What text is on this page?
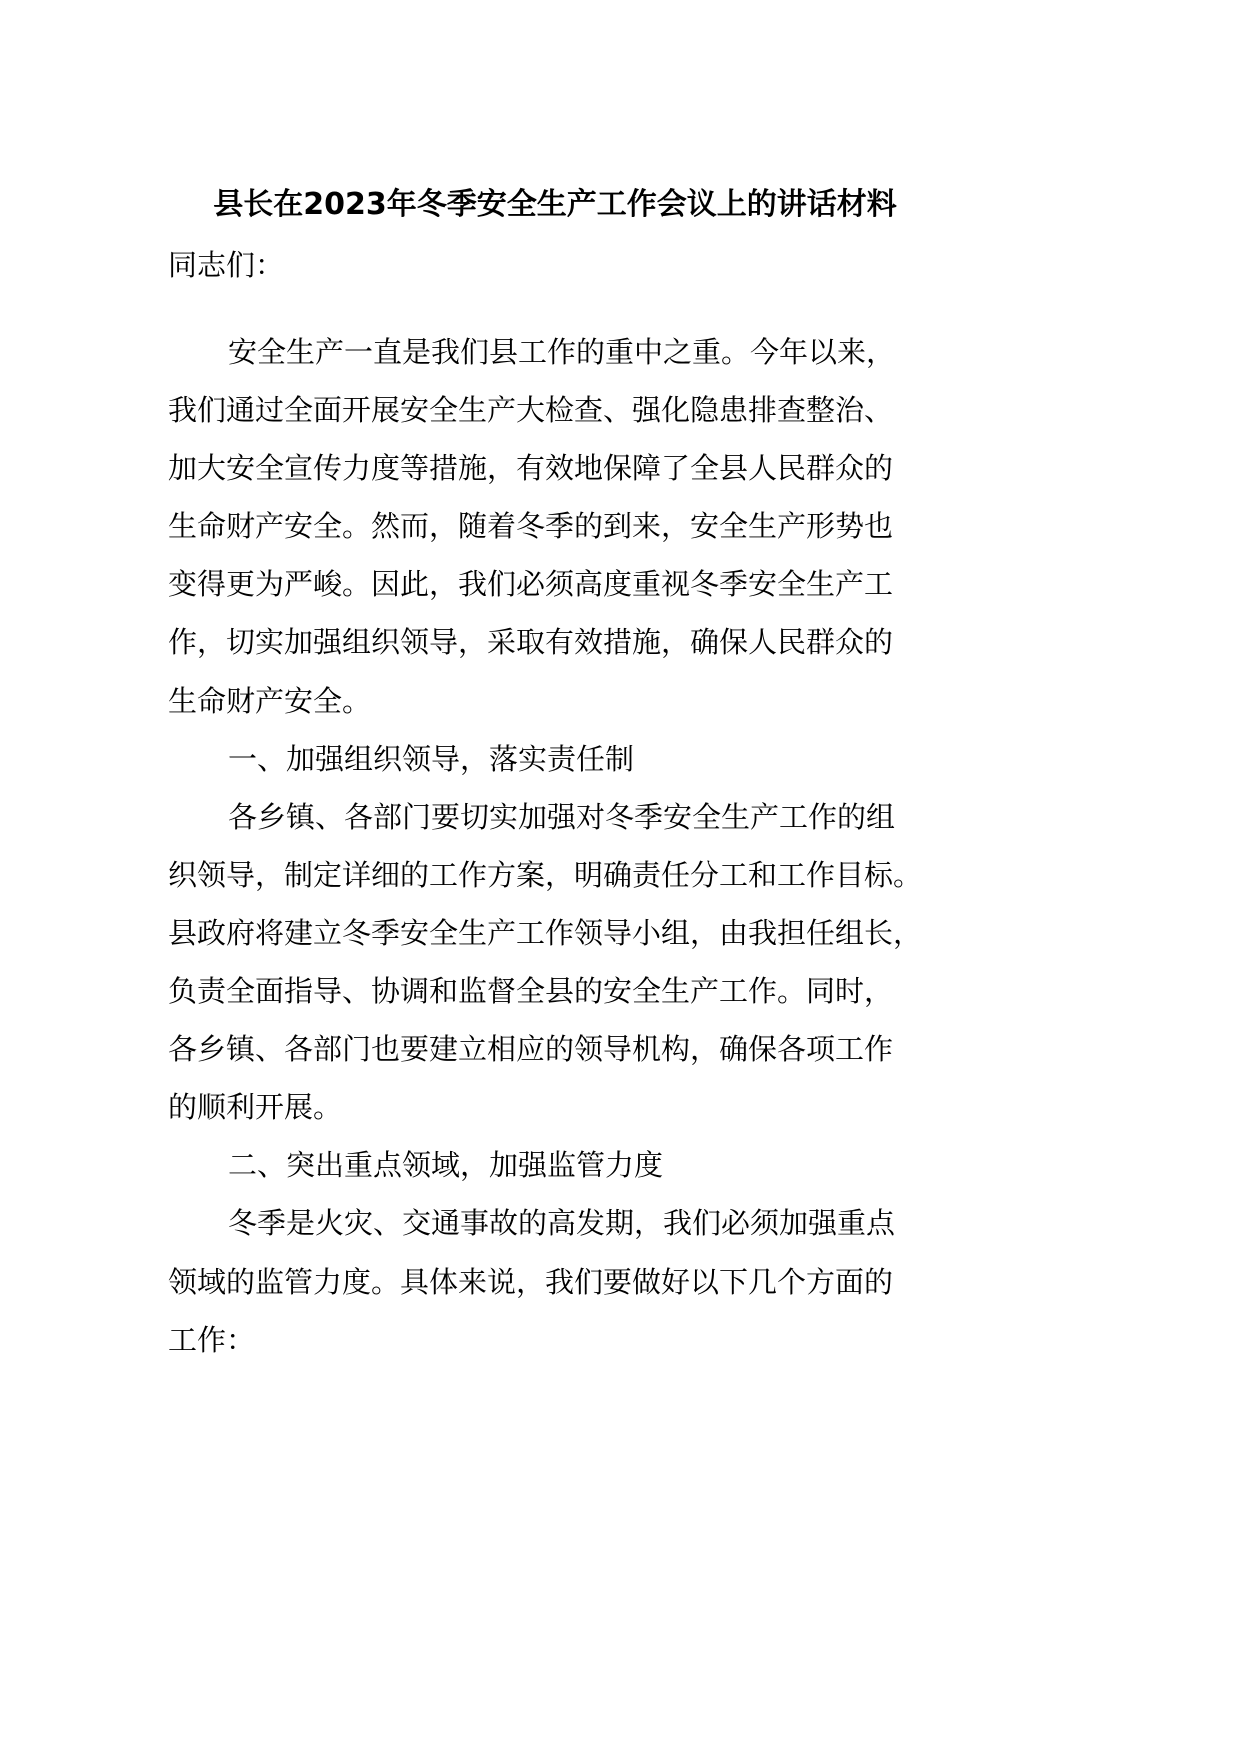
县长在2023年冬季安全生产工作会议上的讲话材料
同志们：
安全生产一直是我们县工作的重中之重。今年以来，
我们通过全面开展安全生产大检查、强化隐患排查整治、
加大安全宣传力度等措施，有效地保障了全县人民群众的
生命财产安全。然而，随着冬季的到来，安全生产形势也
变得更为严峻。因此，我们必须高度重视冬季安全生产工
作，切实加强组织领导，采取有效措施，确保人民群众的
生命财产安全。
一、加强组织领导，落实责任制
各乡镇、各部门要切实加强对冬季安全生产工作的组
织领导，制定详细的工作方案，明确责任分工和工作目标。
县政府将建立冬季安全生产工作领导小组，由我担任组长，
负责全面指导、协调和监督全县的安全生产工作。同时，
各乡镇、各部门也要建立相应的领导机构，确保各项工作
的顺利开展。
二、突出重点领域，加强监管力度
冬季是火灾、交通事故的高发期，我们必须加强重点
领域的监管力度。具体来说，我们要做好以下几个方面的
工作：
